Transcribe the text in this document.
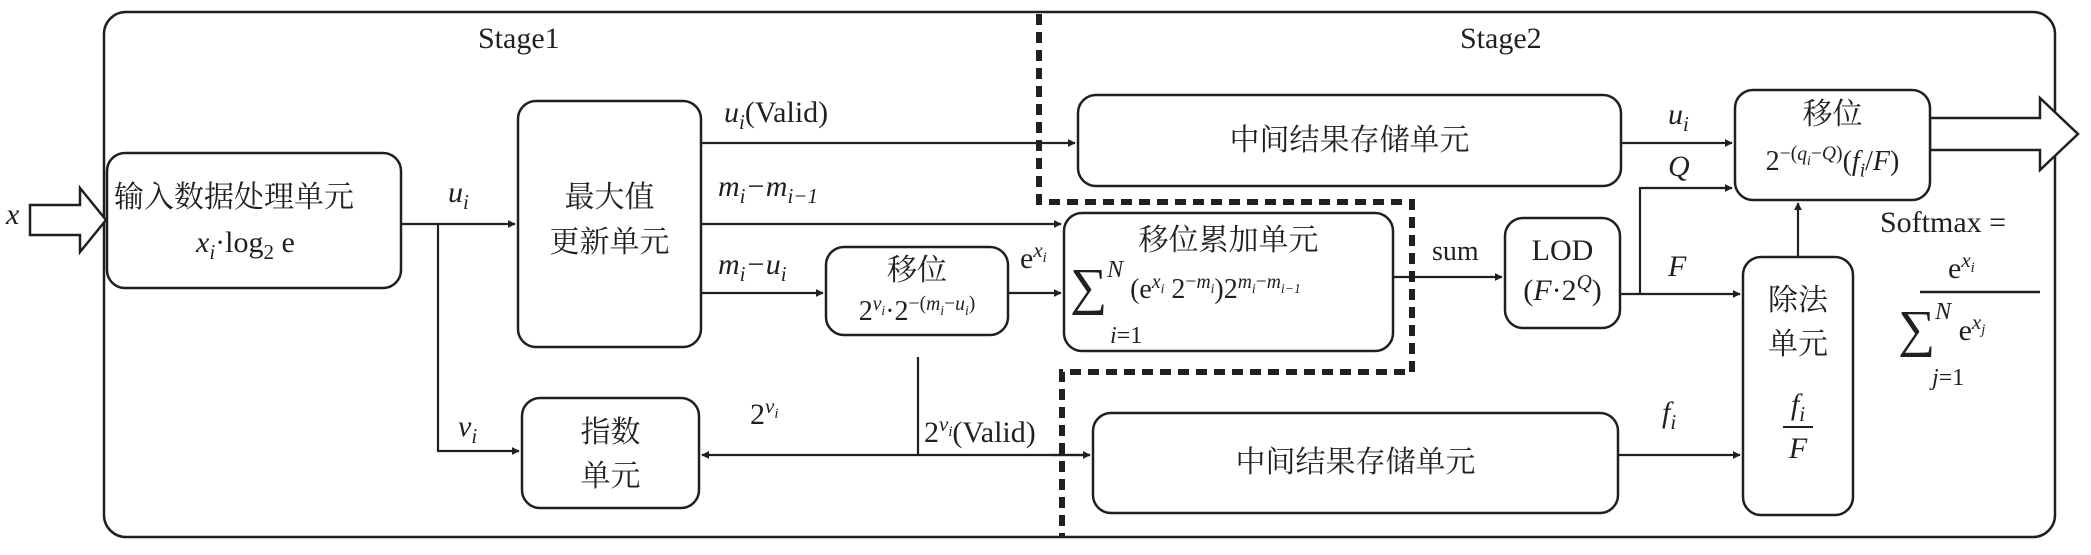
Stage1	Stage2
x	输入数据处理单元
$x_i\cdot\log_2$ e
最大值
更新单元
移位
$2^{v_i}\cdot 2^{-(m_i-u_i)}$
指数
单元
中间结果存储单元
移位累加单元
∑N
i=1
($e^{x_i}$ $2^{-m_i})2^{m_i-m_{i-1}}$
LOD
$(F\cdot 2^Q)$
中间结果存储单元
除法
单元
$\frac{f_i}{F}$
移位
$2^{-(q_i-Q)}(f_i/F)$
$u_i$
$v_i$
$u_i(Valid)$
$m_i-m_{i-1}$
$m_i-u_i$	$e^{x_i}$
2$^{v_i}$
2$^{v_i}$(Valid)
sum
$u_i$
Q
F
$f_i$
Softmax =
$e^{x_i}$
∑N
j=1
$e^{x_j}$
